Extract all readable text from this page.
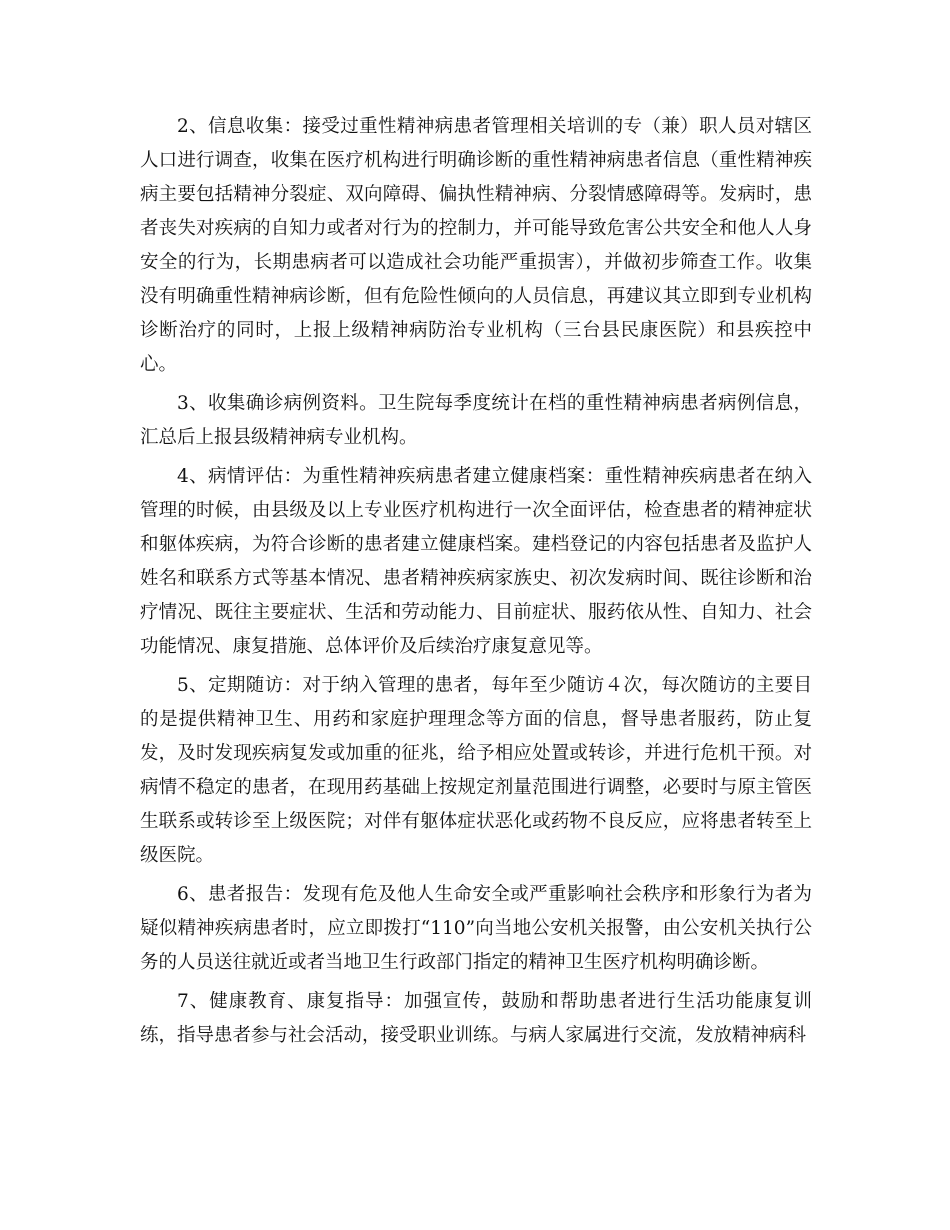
2、信息收集：接受过重性精神病患者管理相关培训的专（兼）职人员对辖区人口进行调查，收集在医疗机构进行明确诊断的重性精神病患者信息（重性精神疾病主要包括精神分裂症、双向障碍、偏执性精神病、分裂情感障碍等。发病时，患者丧失对疾病的自知力或者对行为的控制力，并可能导致危害公共安全和他人人身安全的行为，长期患病者可以造成社会功能严重损害），并做初步筛查工作。收集没有明确重性精神病诊断，但有危险性倾向的人员信息，再建议其立即到专业机构诊断治疗的同时，上报上级精神病防治专业机构（三台县民康医院）和县疾控中心。

3、收集确诊病例资料。卫生院每季度统计在档的重性精神病患者病例信息，汇总后上报县级精神病专业机构。

4、病情评估：为重性精神疾病患者建立健康档案：重性精神疾病患者在纳入管理的时候，由县级及以上专业医疗机构进行一次全面评估，检查患者的精神症状和躯体疾病，为符合诊断的患者建立健康档案。建档登记的内容包括患者及监护人姓名和联系方式等基本情况、患者精神疾病家族史、初次发病时间、既往诊断和治疗情况、既往主要症状、生活和劳动能力、目前症状、服药依从性、自知力、社会功能情况、康复措施、总体评价及后续治疗康复意见等。

5、定期随访：对于纳入管理的患者，每年至少随访４次，每次随访的主要目的是提供精神卫生、用药和家庭护理理念等方面的信息，督导患者服药，防止复发，及时发现疾病复发或加重的征兆，给予相应处置或转诊，并进行危机干预。对病情不稳定的患者，在现用药基础上按规定剂量范围进行调整，必要时与原主管医生联系或转诊至上级医院；对伴有躯体症状恶化或药物不良反应，应将患者转至上级医院。

6、患者报告：发现有危及他人生命安全或严重影响社会秩序和形象行为者为疑似精神疾病患者时，应立即拨打“110”向当地公安机关报警，由公安机关执行公务的人员送往就近或者当地卫生行政部门指定的精神卫生医疗机构明确诊断。

7、健康教育、康复指导：加强宣传，鼓励和帮助患者进行生活功能康复训练，指导患者参与社会活动，接受职业训练。与病人家属进行交流，发放精神病科
